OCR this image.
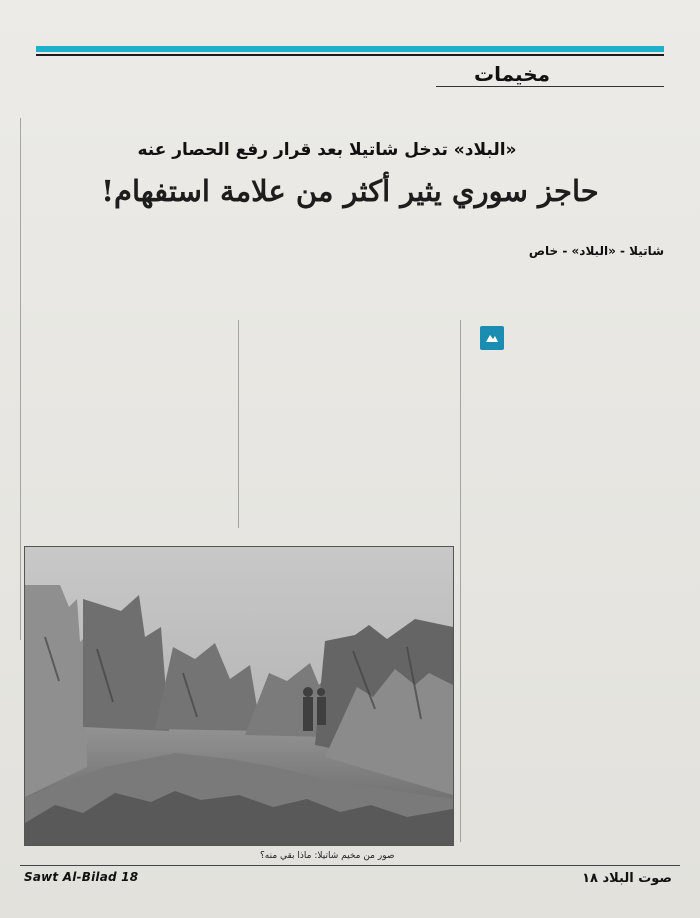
مخيمات
«البلاد» تدخل شاتيلا بعد قرار رفع الحصار عنه
حاجز سوري يثير أكثر من علامة استفهام!
شاتيلا - «البلاد» - خاص
صور من مخيم شاتيلا: ماذا بقي منه؟
Sawt Al-Bilad 18	صوت البلاد ١٨
